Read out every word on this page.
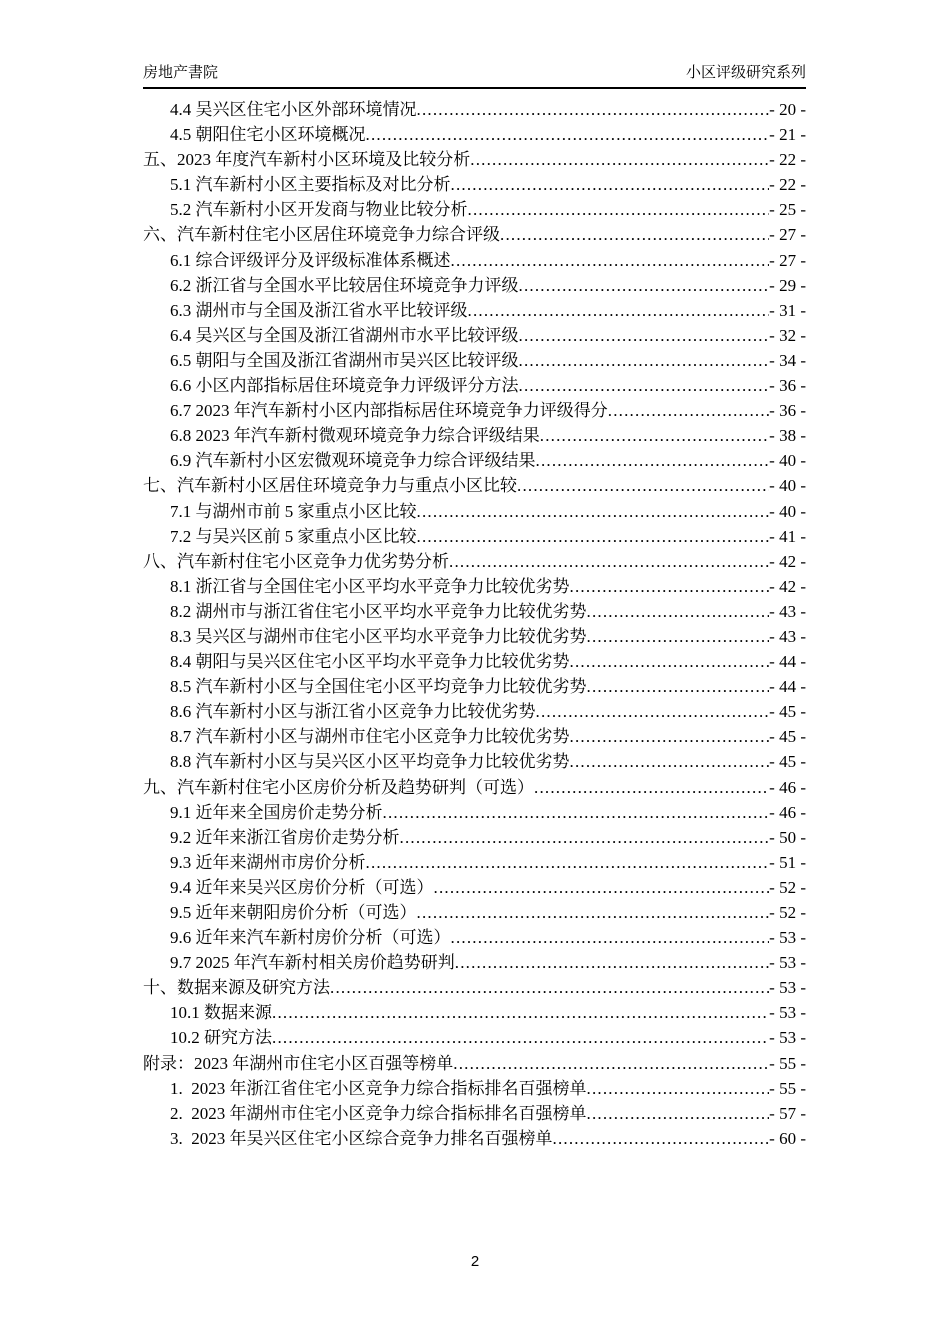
房地产書院	小区评级研究系列
4.4 吴兴区住宅小区外部环境情况 .....	- 20 -
4.5 朝阳住宅小区环境概况 .....	- 21 -
五、2023 年度汽车新村小区环境及比较分析 .....	- 22 -
5.1 汽车新村小区主要指标及对比分析 .....	- 22 -
5.2 汽车新村小区开发商与物业比较分析 .....	- 25 -
六、汽车新村住宅小区居住环境竞争力综合评级 .....	- 27 -
6.1 综合评级评分及评级标准体系概述 .....	- 27 -
6.2 浙江省与全国水平比较居住环境竞争力评级 .....	- 29 -
6.3 湖州市与全国及浙江省水平比较评级 .....	- 31 -
6.4 吴兴区与全国及浙江省湖州市水平比较评级 .....	- 32 -
6.5 朝阳与全国及浙江省湖州市吴兴区比较评级 .....	- 34 -
6.6 小区内部指标居住环境竞争力评级评分方法 .....	- 36 -
6.7 2023 年汽车新村小区内部指标居住环境竞争力评级得分 .....	- 36 -
6.8 2023 年汽车新村微观环境竞争力综合评级结果 .....	- 38 -
6.9 汽车新村小区宏微观环境竞争力综合评级结果 .....	- 40 -
七、汽车新村小区居住环境竞争力与重点小区比较 .....	- 40 -
7.1 与湖州市前 5 家重点小区比较 .....	- 40 -
7.2 与吴兴区前 5 家重点小区比较 .....	- 41 -
八、汽车新村住宅小区竞争力优劣势分析 .....	- 42 -
8.1 浙江省与全国住宅小区平均水平竞争力比较优劣势 .....	- 42 -
8.2 湖州市与浙江省住宅小区平均水平竞争力比较优劣势 .....	- 43 -
8.3 吴兴区与湖州市住宅小区平均水平竞争力比较优劣势 .....	- 43 -
8.4 朝阳与吴兴区住宅小区平均水平竞争力比较优劣势 .....	- 44 -
8.5 汽车新村小区与全国住宅小区平均竞争力比较优劣势 .....	- 44 -
8.6 汽车新村小区与浙江省小区竞争力比较优劣势 .....	- 45 -
8.7 汽车新村小区与湖州市住宅小区竞争力比较优劣势 .....	- 45 -
8.8 汽车新村小区与吴兴区小区平均竞争力比较优劣势 .....	- 45 -
九、汽车新村住宅小区房价分析及趋势研判（可选） .....	- 46 -
9.1 近年来全国房价走势分析 .....	- 46 -
9.2 近年来浙江省房价走势分析 .....	- 50 -
9.3 近年来湖州市房价分析 .....	- 51 -
9.4 近年来吴兴区房价分析（可选） .....	- 52 -
9.5 近年来朝阳房价分析（可选） .....	- 52 -
9.6 近年来汽车新村房价分析（可选） .....	- 53 -
9.7 2025 年汽车新村相关房价趋势研判 .....	- 53 -
十、数据来源及研究方法 .....	- 53 -
10.1 数据来源 .....	- 53 -
10.2 研究方法 .....	- 53 -
附录：2023 年湖州市住宅小区百强等榜单 .....	- 55 -
1.  2023 年浙江省住宅小区竞争力综合指标排名百强榜单 .....	- 55 -
2.  2023 年湖州市住宅小区竞争力综合指标排名百强榜单 .....	- 57 -
3.  2023 年吴兴区住宅小区综合竞争力排名百强榜单 .....	- 60 -
2
